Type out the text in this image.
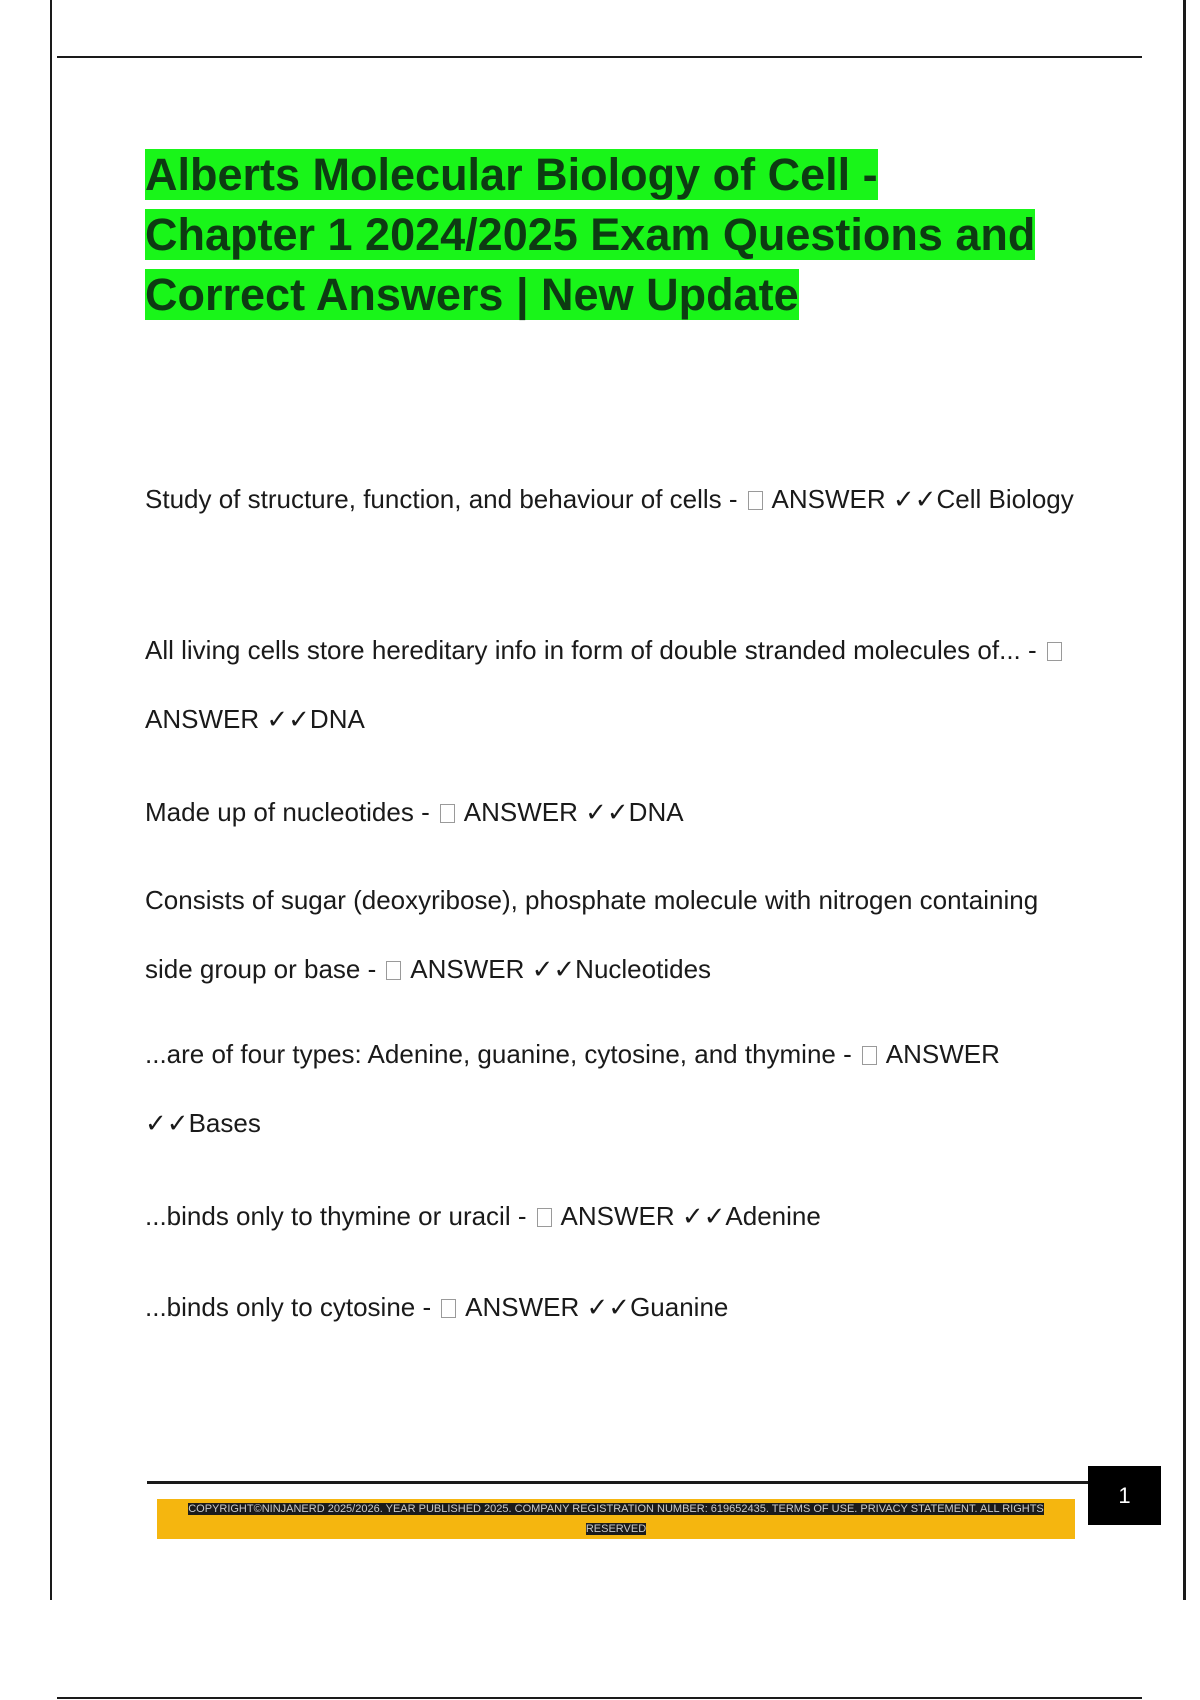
Alberts Molecular Biology of Cell - Chapter 1 2024/2025 Exam Questions and Correct Answers | New Update

Study of structure, function, and behaviour of cells -  ANSWER ✓✓Cell Biology

All living cells store hereditary info in form of double stranded molecules of... -  ANSWER ✓✓DNA

Made up of nucleotides -  ANSWER ✓✓DNA

Consists of sugar (deoxyribose), phosphate molecule with nitrogen containing side group or base -  ANSWER ✓✓Nucleotides

...are of four types: Adenine, guanine, cytosine, and thymine -  ANSWER ✓✓Bases

...binds only to thymine or uracil -  ANSWER ✓✓Adenine

...binds only to cytosine -  ANSWER ✓✓Guanine

1
COPYRIGHT©NINJANERD 2025/2026. YEAR PUBLISHED 2025. COMPANY REGISTRATION NUMBER: 619652435. TERMS OF USE. PRIVACY STATEMENT. ALL RIGHTS RESERVED
